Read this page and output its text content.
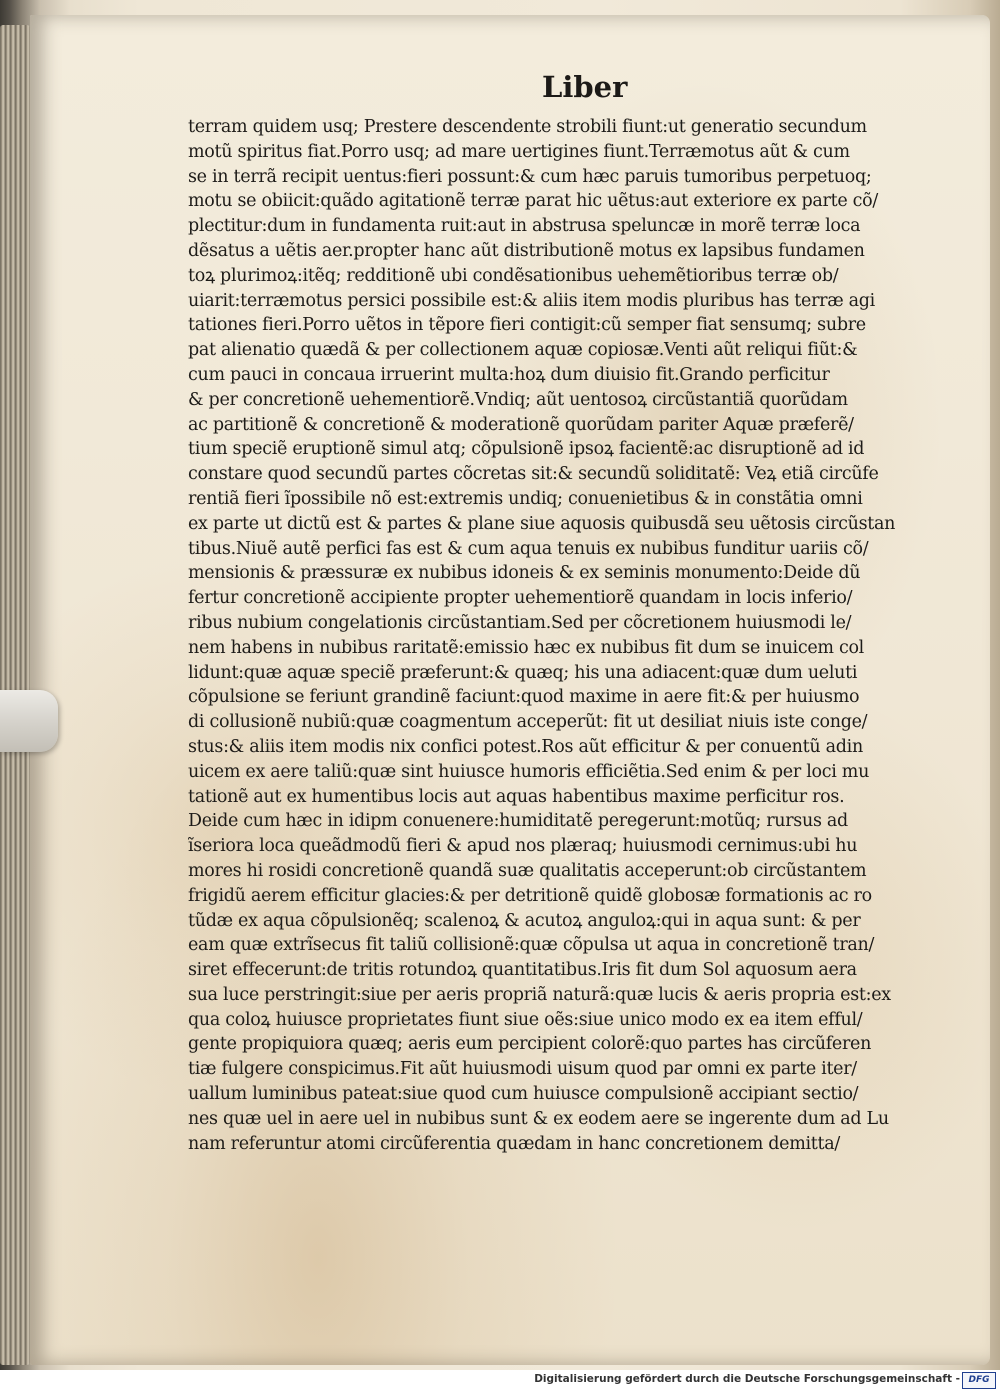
Liber
terram quidem usq; Prestere descendente strobili fiunt:ut generatio secundum
motũ spiritus fiat.Porro usq; ad mare uertigines fiunt.Terræmotus aũt & cum
se in terrã recipit uentus:fieri possunt:& cum hæc paruis tumoribus perpetuoq;
motu se obiicit:quãdo agitationẽ terræ parat hic uẽtus:aut exteriore ex parte cõ/
plectitur:dum in fundamenta ruit:aut in abstrusa speluncæ in morẽ terræ loca
dẽsatus a uẽtis aer.propter hanc aũt distributionẽ motus ex lapsibus fundamen
toꝝ plurimoꝝ:itẽq; redditionẽ ubi condẽsationibus uehemẽtioribus terræ ob/
uiarit:terræmotus persici possibile est:& aliis item modis pluribus has terræ agi
tationes fieri.Porro uẽtos in tẽpore fieri contigit:cũ semper fiat sensumq; subre
pat alienatio quædã & per collectionem aquæ copiosæ.Venti aũt reliqui fiũt:&
cum pauci in concaua irruerint multa:hoꝝ dum diuisio fit.Grando perficitur
& per concretionẽ uehementiorẽ.Vndiq; aũt uentosoꝝ circũstantiã quorũdam
ac partitionẽ & concretionẽ & moderationẽ quorũdam pariter Aquæ præferẽ/
tium speciẽ eruptionẽ simul atq; cõpulsionẽ ipsoꝝ facientẽ:ac disruptionẽ ad id
constare quod secundũ partes cõcretas sit:& secundũ soliditatẽ: Veꝝ etiã circũfe
rentiã fieri ĩpossibile nõ est:extremis undiq; conuenietibus & in constãtia omni
ex parte ut dictũ est & partes & plane siue aquosis quibusdã seu uẽtosis circũstan
tibus.Niuẽ autẽ perfici fas est & cum aqua tenuis ex nubibus funditur uariis cõ/
mensionis & præssuræ ex nubibus idoneis & ex seminis monumento:Deide dũ
fertur concretionẽ accipiente propter uehementiorẽ quandam in locis inferio/
ribus nubium congelationis circũstantiam.Sed per cõcretionem huiusmodi le/
nem habens in nubibus raritatẽ:emissio hæc ex nubibus fit dum se inuicem col
lidunt:quæ aquæ speciẽ præferunt:& quæq; his una adiacent:quæ dum ueluti
cõpulsione se feriunt grandinẽ faciunt:quod maxime in aere fit:& per huiusmo
di collusionẽ nubiũ:quæ coagmentum acceperũt: fit ut desiliat niuis iste conge/
stus:& aliis item modis nix confici potest.Ros aũt efficitur & per conuentũ adin
uicem ex aere taliũ:quæ sint huiusce humoris efficiẽtia.Sed enim & per loci mu
tationẽ aut ex humentibus locis aut aquas habentibus maxime perficitur ros.
Deide cum hæc in idipm conuenere:humiditatẽ peregerunt:motũq; rursus ad
ĩseriora loca queãdmodũ fieri & apud nos plæraq; huiusmodi cernimus:ubi hu
mores hi rosidi concretionẽ quandã suæ qualitatis acceperunt:ob circũstantem
frigidũ aerem efficitur glacies:& per detritionẽ quidẽ globosæ formationis ac ro
tũdæ ex aqua cõpulsionẽq; scalenoꝝ & acutoꝝ anguloꝝ:qui in aqua sunt: & per
eam quæ extrĩsecus fit taliũ collisionẽ:quæ cõpulsa ut aqua in concretionẽ tran/
siret effecerunt:de tritis rotundoꝝ quantitatibus.Iris fit dum Sol aquosum aera
sua luce perstringit:siue per aeris propriã naturã:quæ lucis & aeris propria est:ex
qua coloꝝ huiusce proprietates fiunt siue oẽs:siue unico modo ex ea item efful/
gente propiquiora quæq; aeris eum percipient colorẽ:quo partes has circũferen
tiæ fulgere conspicimus.Fit aũt huiusmodi uisum quod par omni ex parte iter/
uallum luminibus pateat:siue quod cum huiusce compulsionẽ accipiant sectio/
nes quæ uel in aere uel in nubibus sunt & ex eodem aere se ingerente dum ad Lu
nam referuntur atomi circũferentia quædam in hanc concretionem demitta/
Digitalisierung gefördert durch die Deutsche Forschungsgemeinschaft - DFG
